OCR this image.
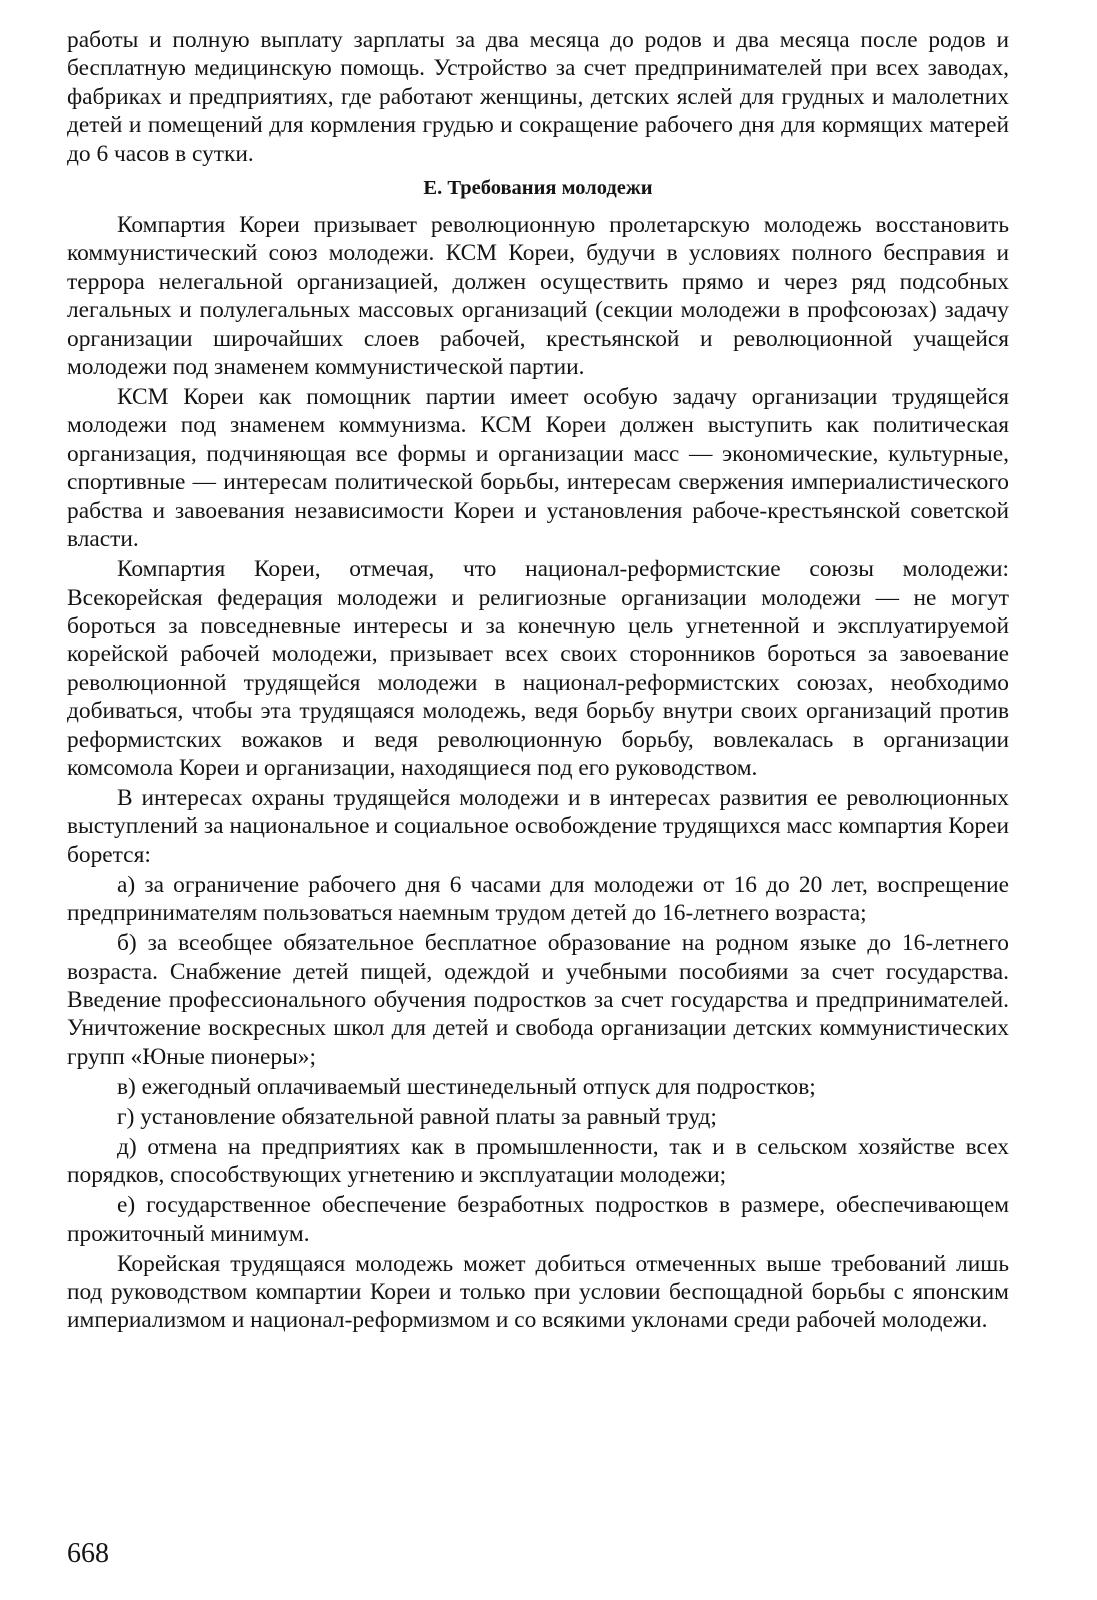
работы и полную выплату зарплаты за два месяца до родов и два месяца после родов и бесплатную медицинскую помощь. Устройство за счет предпринимателей при всех заводах, фабриках и предприятиях, где работают женщины, детских яслей для грудных и малолетних детей и помещений для кормления грудью и сокращение рабочего дня для кормящих матерей до 6 часов в сутки.

Е. Требования молодежи

Компартия Кореи призывает революционную пролетарскую молодежь восстановить коммунистический союз молодежи. КСМ Кореи, будучи в условиях полного бесправия и террора нелегальной организацией, должен осуществить прямо и через ряд подсобных легальных и полулегальных массовых организаций (секции молодежи в профсоюзах) задачу организации широчайших слоев рабочей, крестьянской и революционной учащейся молодежи под знаменем коммунистической партии.

КСМ Кореи как помощник партии имеет особую задачу организации трудящейся молодежи под знаменем коммунизма. КСМ Кореи должен выступить как политическая организация, подчиняющая все формы и организации масс — экономические, культурные, спортивные — интересам политической борьбы, интересам свержения империалистического рабства и завоевания независимости Кореи и установления рабоче-крестьянской советской власти.

Компартия Кореи, отмечая, что национал-реформистские союзы молодежи: Всекорейская федерация молодежи и религиозные организации молодежи — не могут бороться за повседневные интересы и за конечную цель угнетенной и эксплуатируемой корейской рабочей молодежи, призывает всех своих сторонников бороться за завоевание революционной трудящейся молодежи в национал-реформистских союзах, необходимо добиваться, чтобы эта трудящаяся молодежь, ведя борьбу внутри своих организаций против реформистских вожаков и ведя революционную борьбу, вовлекалась в организации комсомола Кореи и организации, находящиеся под его руководством.

В интересах охраны трудящейся молодежи и в интересах развития ее революционных выступлений за национальное и социальное освобождение трудящихся масс компартия Кореи борется:

а) за ограничение рабочего дня 6 часами для молодежи от 16 до 20 лет, воспрещение предпринимателям пользоваться наемным трудом детей до 16-летнего возраста;

б) за всеобщее обязательное бесплатное образование на родном языке до 16-летнего возраста. Снабжение детей пищей, одеждой и учебными пособиями за счет государства. Введение профессионального обучения подростков за счет государства и предпринимателей. Уничтожение воскресных школ для детей и свобода организации детских коммунистических групп «Юные пионеры»;

в) ежегодный оплачиваемый шестинедельный отпуск для подростков;

г) установление обязательной равной платы за равный труд;

д) отмена на предприятиях как в промышленности, так и в сельском хозяйстве всех порядков, способствующих угнетению и эксплуатации молодежи;

е) государственное обеспечение безработных подростков в размере, обеспечивающем прожиточный минимум.

Корейская трудящаяся молодежь может добиться отмеченных выше требований лишь под руководством компартии Кореи и только при условии беспощадной борьбы с японским империализмом и национал-реформизмом и со всякими уклонами среди рабочей молодежи.

668
